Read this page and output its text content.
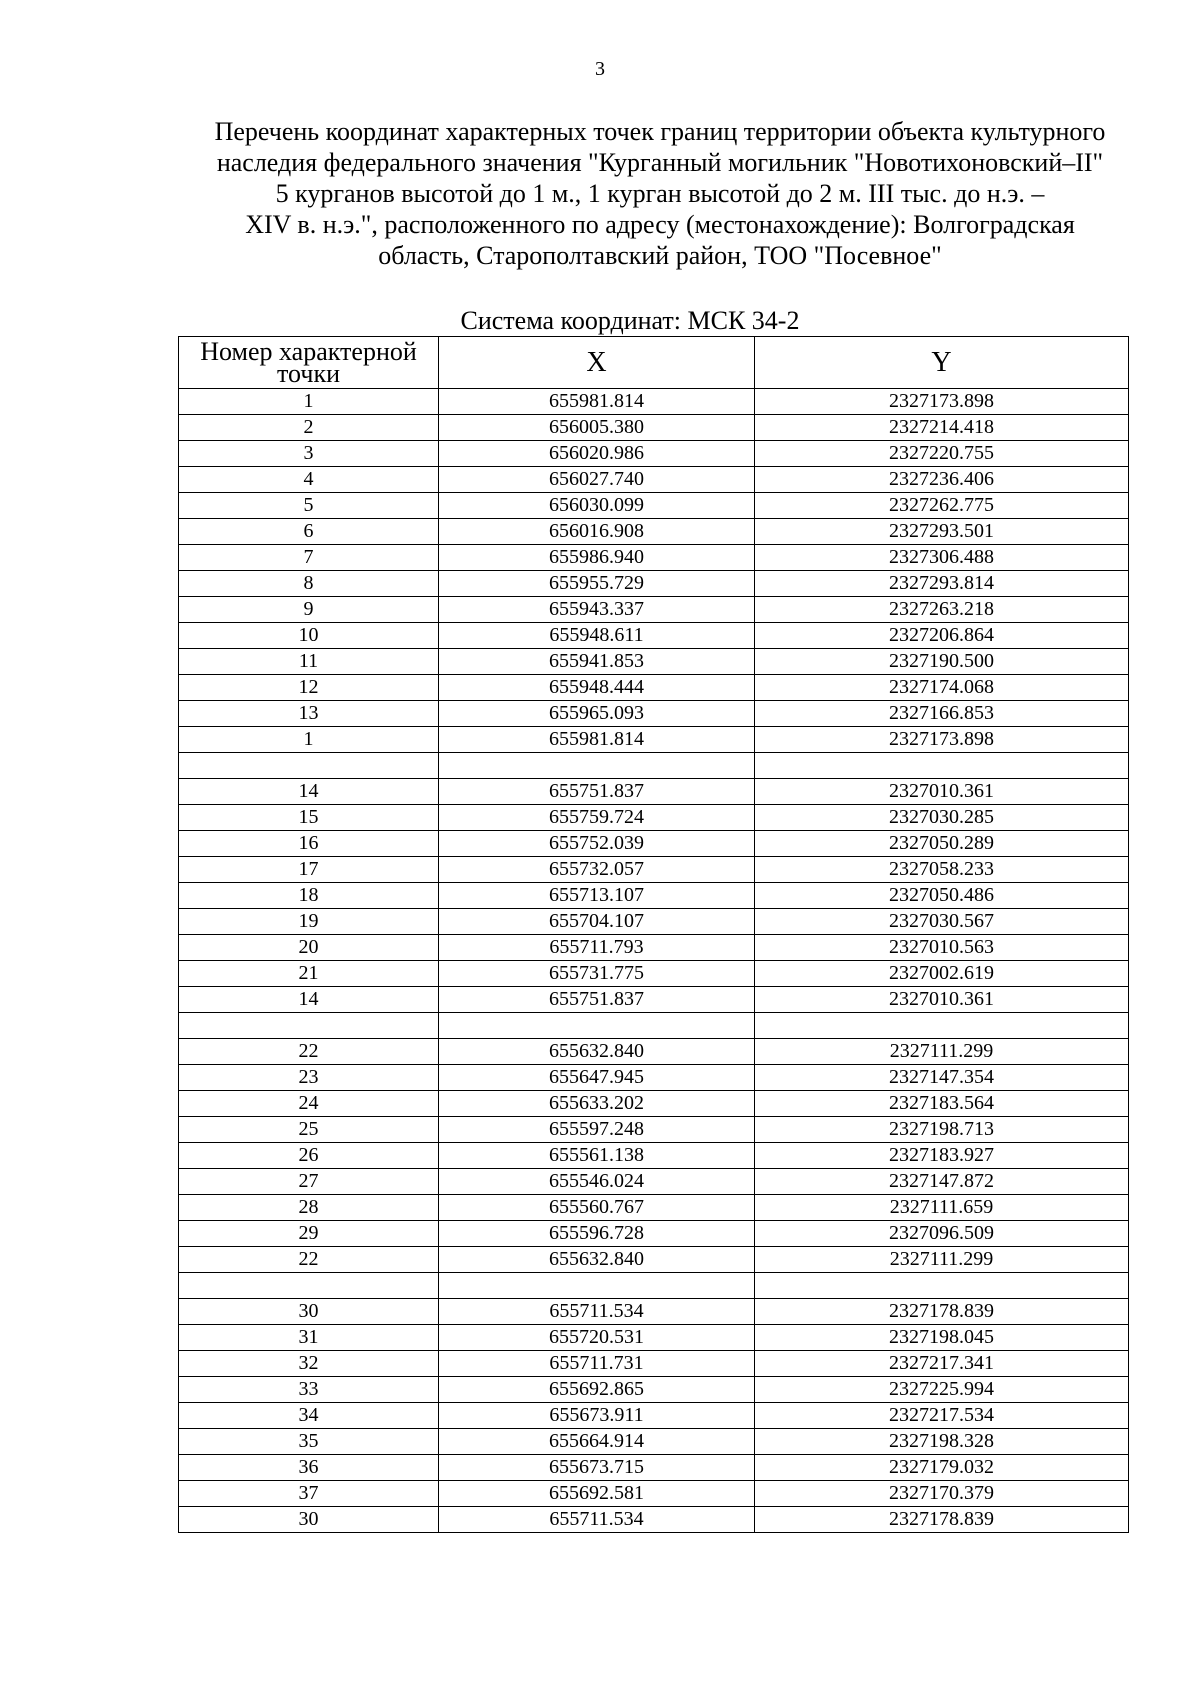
3
Перечень координат характерных точек границ территории объекта культурного
наследия федерального значения "Курганный могильник "Новотихоновский–II"
5 курганов высотой до 1 м., 1 курган высотой до 2 м. III тыс. до н.э. –
XIV в. н.э.", расположенного по адресу (местонахождение): Волгоградская
область, Старополтавский район, ТОО "Посевное"
Система координат: МСК 34-2
Номер характерной точки	X	Y
1	655981.814	2327173.898
2	656005.380	2327214.418
3	656020.986	2327220.755
4	656027.740	2327236.406
5	656030.099	2327262.775
6	656016.908	2327293.501
7	655986.940	2327306.488
8	655955.729	2327293.814
9	655943.337	2327263.218
10	655948.611	2327206.864
11	655941.853	2327190.500
12	655948.444	2327174.068
13	655965.093	2327166.853
1	655981.814	2327173.898

14	655751.837	2327010.361
15	655759.724	2327030.285
16	655752.039	2327050.289
17	655732.057	2327058.233
18	655713.107	2327050.486
19	655704.107	2327030.567
20	655711.793	2327010.563
21	655731.775	2327002.619
14	655751.837	2327010.361

22	655632.840	2327111.299
23	655647.945	2327147.354
24	655633.202	2327183.564
25	655597.248	2327198.713
26	655561.138	2327183.927
27	655546.024	2327147.872
28	655560.767	2327111.659
29	655596.728	2327096.509
22	655632.840	2327111.299

30	655711.534	2327178.839
31	655720.531	2327198.045
32	655711.731	2327217.341
33	655692.865	2327225.994
34	655673.911	2327217.534
35	655664.914	2327198.328
36	655673.715	2327179.032
37	655692.581	2327170.379
30	655711.534	2327178.839
